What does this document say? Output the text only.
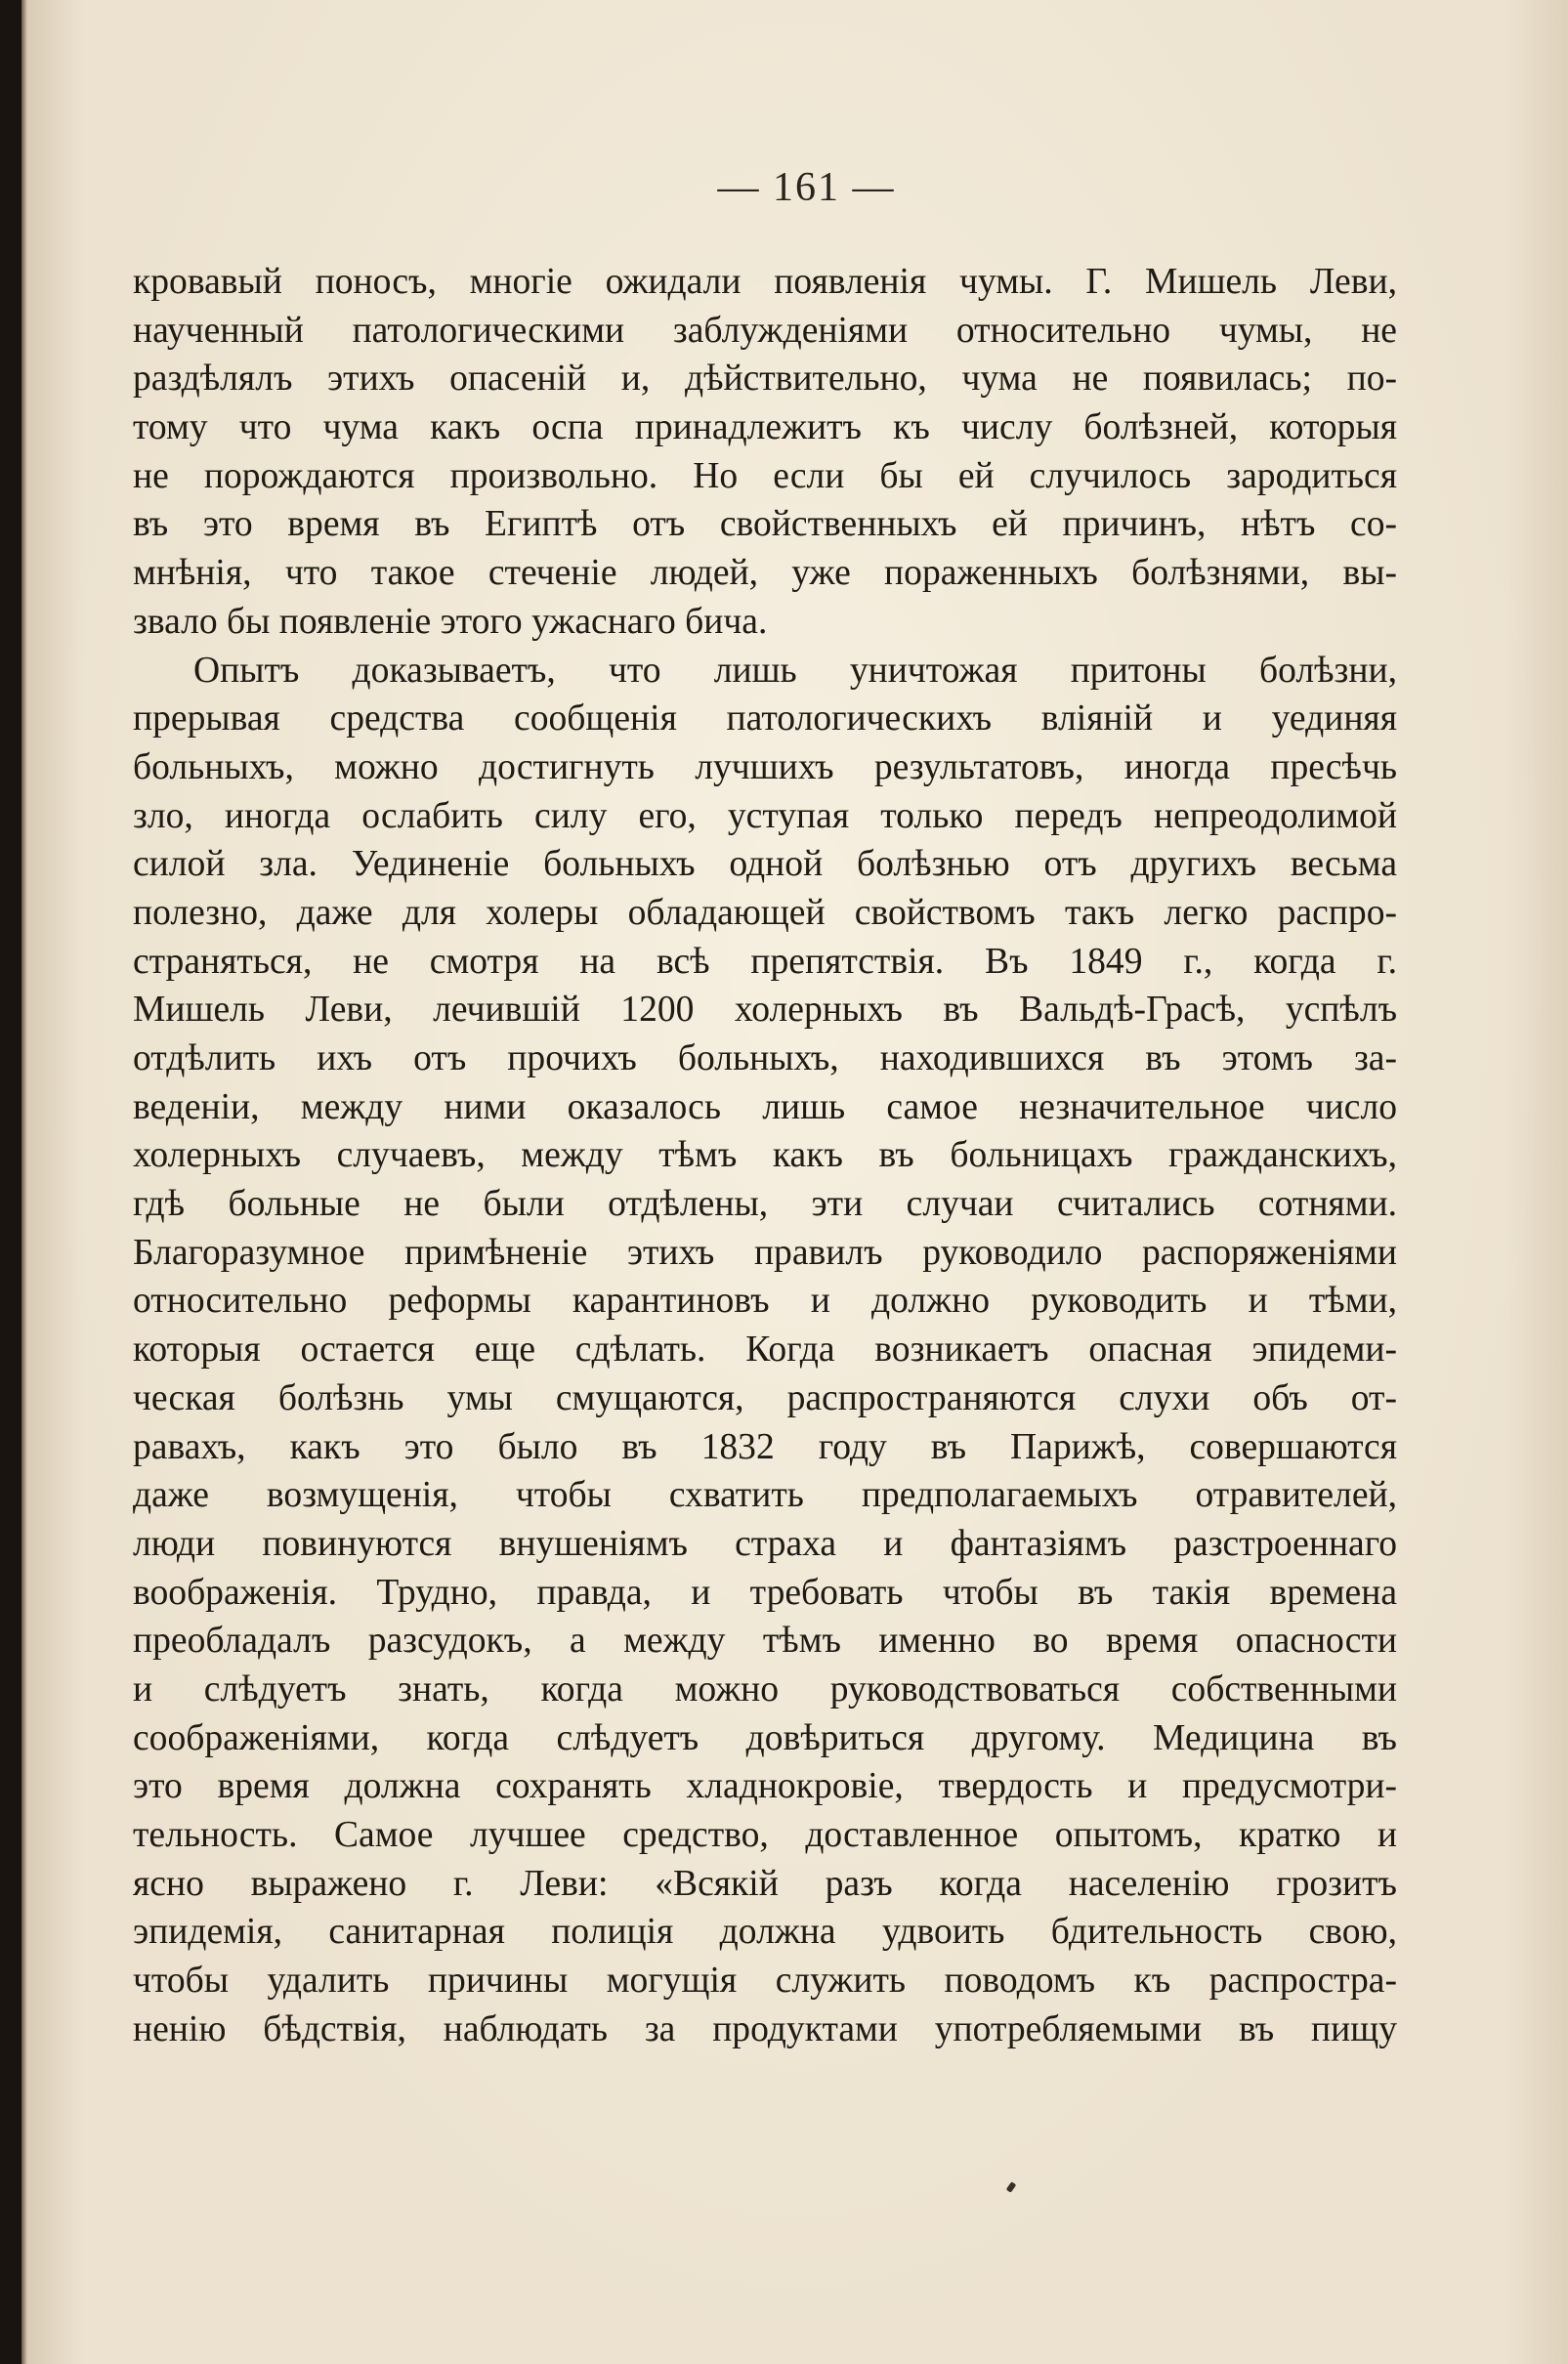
— 161 —
кровавый поносъ, многіе ожидали появленія чумы. Г. Мишель Леви,
наученный патологическими заблужденіями относительно чумы, не
раздѣлялъ этихъ опасеній и, дѣйствительно, чума не появилась; по-
тому что чума какъ оспа принадлежитъ къ числу болѣзней, которыя
не порождаются произвольно. Но если бы ей случилось зародиться
въ это время въ Египтѣ отъ свойственныхъ ей причинъ, нѣтъ со-
мнѣнія, что такое стеченіе людей, уже пораженныхъ болѣзнями, вы-
звало бы появленіе этого ужаснаго бича.
Опытъ доказываетъ, что лишь уничтожая притоны болѣзни,
прерывая средства сообщенія патологическихъ вліяній и уединяя
больныхъ, можно достигнуть лучшихъ результатовъ, иногда пресѣчь
зло, иногда ослабить силу его, уступая только передъ непреодолимой
силой зла. Уединеніе больныхъ одной болѣзнью отъ другихъ весьма
полезно, даже для холеры обладающей свойствомъ такъ легко распро-
страняться, не смотря на всѣ препятствія. Въ 1849 г., когда г.
Мишель Леви, лечившій 1200 холерныхъ въ Вальдѣ-Грасѣ, успѣлъ
отдѣлить ихъ отъ прочихъ больныхъ, находившихся въ этомъ за-
веденіи, между ними оказалось лишь самое незначительное число
холерныхъ случаевъ, между тѣмъ какъ въ больницахъ гражданскихъ,
гдѣ больные не были отдѣлены, эти случаи считались сотнями.
Благоразумное примѣненіе этихъ правилъ руководило распоряженіями
относительно реформы карантиновъ и должно руководить и тѣми,
которыя остается еще сдѣлать. Когда возникаетъ опасная эпидеми-
ческая болѣзнь умы смущаются, распространяются слухи объ от-
равахъ, какъ это было въ 1832 году въ Парижѣ, совершаются
даже возмущенія, чтобы схватить предполагаемыхъ отравителей,
люди повинуются внушеніямъ страха и фантазіямъ разстроеннаго
воображенія. Трудно, правда, и требовать чтобы въ такія времена
преобладалъ разсудокъ, а между тѣмъ именно во время опасности
и слѣдуетъ знать, когда можно руководствоваться собственными
соображеніями, когда слѣдуетъ довѣриться другому. Медицина въ
это время должна сохранять хладнокровіе, твердость и предусмотри-
тельность. Самое лучшее средство, доставленное опытомъ, кратко и
ясно выражено г. Леви: «Всякій разъ когда населенію грозитъ
эпидемія, санитарная полиція должна удвоить бдительность свою,
чтобы удалить причины могущія служить поводомъ къ распростра-
ненію бѣдствія, наблюдать за продуктами употребляемыми въ пищу
